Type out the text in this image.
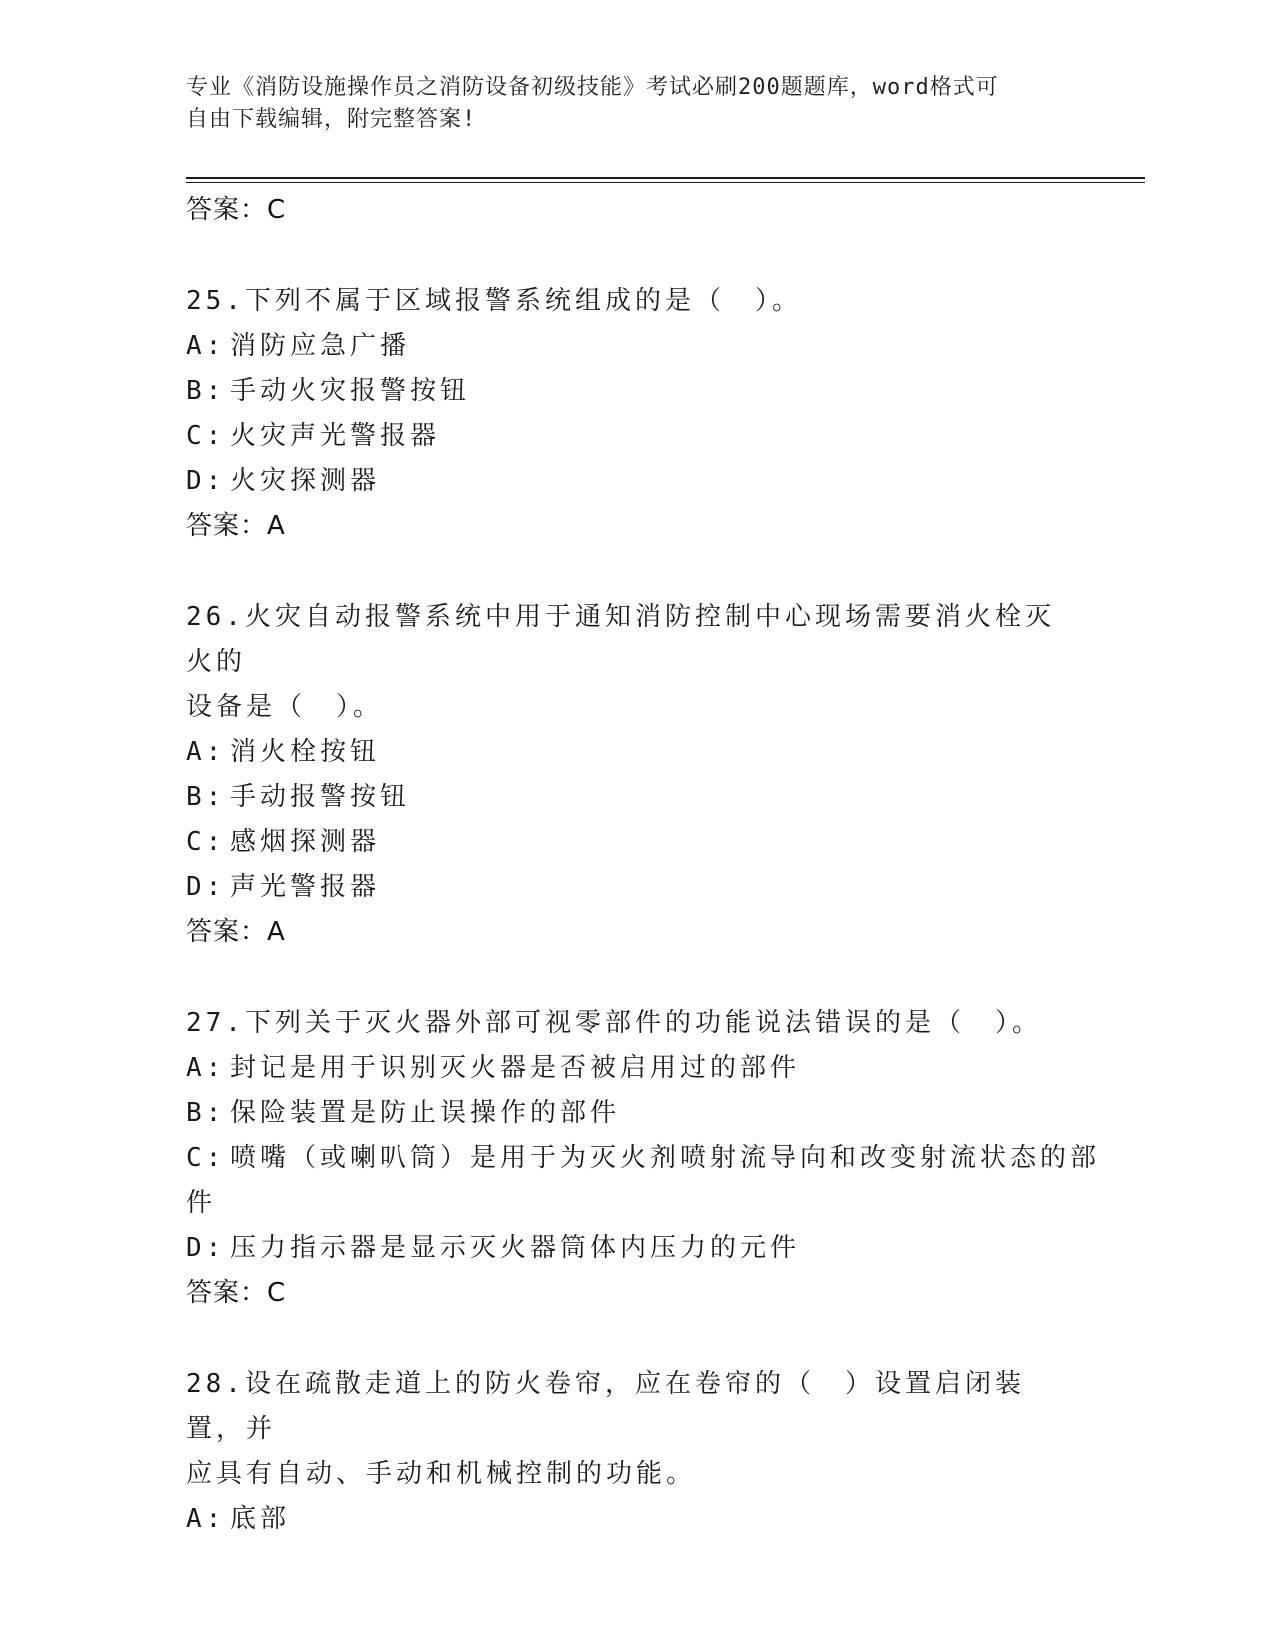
专业《消防设施操作员之消防设备初级技能》考试必刷200题题库，word格式可
自由下载编辑，附完整答案!
答案：C
25.下列不属于区域报警系统组成的是（　）。
A: 消防应急广播
B: 手动火灾报警按钮
C: 火灾声光警报器
D: 火灾探测器
答案：A
26.火灾自动报警系统中用于通知消防控制中心现场需要消火栓灭火的
设备是（　）。
A: 消火栓按钮
B: 手动报警按钮
C: 感烟探测器
D: 声光警报器
答案：A
27.下列关于灭火器外部可视零部件的功能说法错误的是（　）。
A: 封记是用于识别灭火器是否被启用过的部件
B: 保险装置是防止误操作的部件
C: 喷嘴（或喇叭筒）是用于为灭火剂喷射流导向和改变射流状态的部
件
D: 压力指示器是显示灭火器筒体内压力的元件
答案：C
28.设在疏散走道上的防火卷帘，应在卷帘的（　）设置启闭装置，并
应具有自动、手动和机械控制的功能。
A: 底部
